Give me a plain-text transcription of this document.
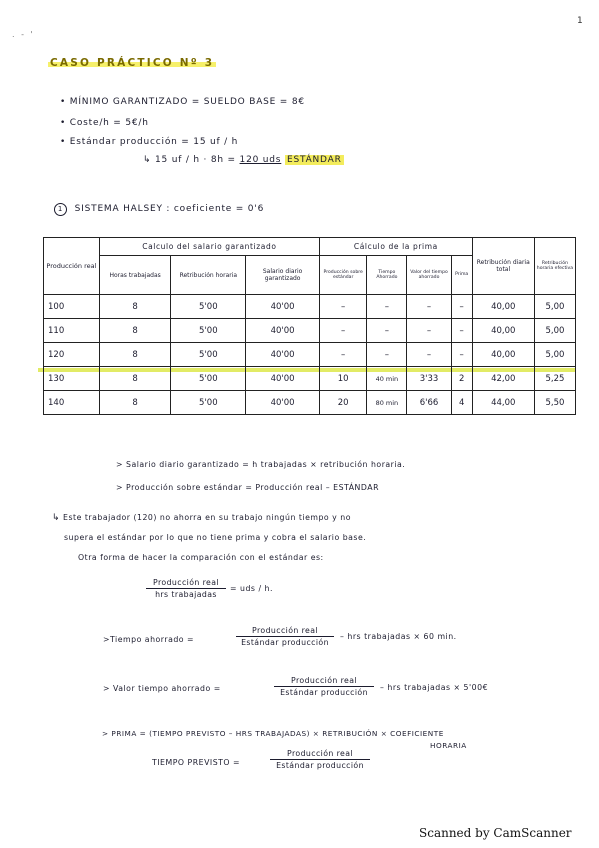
. - '
1
CASO PRÁCTICO Nº 3
• MÍNIMO GARANTIZADO = SUELDO BASE = 8€
• Coste/h = 5€/h
• Estándar producción = 15 uf / h
↳ 15 uf / h · 8h = 120 uds ESTÁNDAR
1 SISTEMA HALSEY : coeficiente = 0'6
Producción real	Calculo del salario garantizado			Cálculo de la prima				Retribución diaria total	Retribución horaria efectiva
	Horas trabajadas	Retribución horaria	Salario diario garantizado	Producción sobre estándar	Tiempo Ahorrado	Valor del tiempo ahorrado	Prima		
100	8	5'00	40'00	–	–	–	–	40,00	5,00
110	8	5'00	40'00	–	–	–	–	40,00	5,00
120	8	5'00	40'00	–	–	–	–	40,00	5,00
130	8	5'00	40'00	10	40 min	3'33	2	42,00	5,25
140	8	5'00	40'00	20	80 min	6'66	4	44,00	5,50
> Salario diario garantizado = h trabajadas × retribución horaria.
> Producción sobre estándar = Producción real – ESTÁNDAR
↳ Este trabajador (120) no ahorra en su trabajo ningún tiempo y no
supera el estándar por lo que no tiene prima y cobra el salario base.
Otra forma de hacer la comparación con el estándar es:
Producción real
hrs trabajadas
= uds / h.
>Tiempo ahorrado =
Producción real
Estándar producción
– hrs trabajadas × 60 min.
> Valor tiempo ahorrado =
Producción real
Estándar producción
– hrs trabajadas × 5'00€
> PRIMA = (TIEMPO PREVISTO – HRS TRABAJADAS) × RETRIBUCIÓN × COEFICIENTE
HORARIA
TIEMPO PREVISTO =
Producción real
Estándar producción
Scanned by CamScanner
